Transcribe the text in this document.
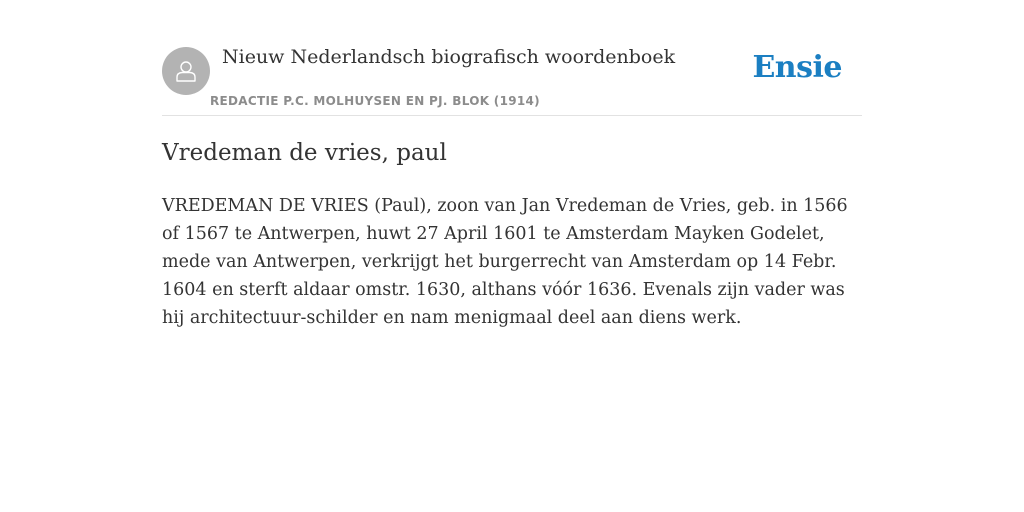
Nieuw Nederlandsch biografisch woordenboek
REDACTIE P.C. MOLHUYSEN EN PJ. BLOK (1914)
Ensie
Vredeman de vries, paul

VREDEMAN DE VRIES (Paul), zoon van Jan Vredeman de Vries, geb. in 1566 of 1567 te Antwerpen, huwt 27 April 1601 te Amsterdam Mayken Godelet, mede van Antwerpen, verkrijgt het burgerrecht van Amsterdam op 14 Febr. 1604 en sterft aldaar omstr. 1630, althans vóór 1636. Evenals zijn vader was hij architectuur-schilder en nam menigmaal deel aan diens werk.
